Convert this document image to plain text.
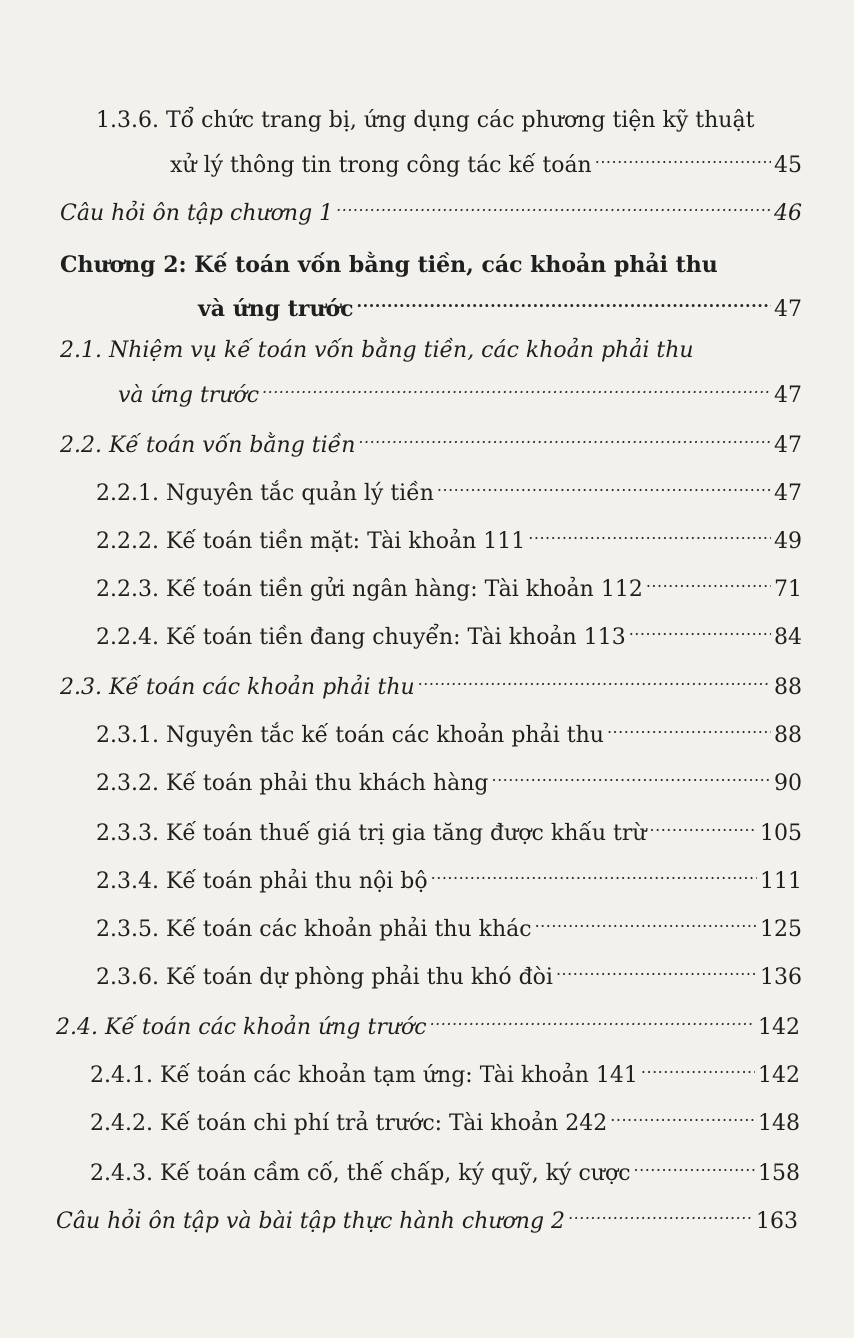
1.3.6. Tổ chức trang bị, ứng dụng các phương tiện kỹ thuật
xử lý thông tin trong công tác kế toán .....	45
Câu hỏi ôn tập chương 1 .....	46
Chương 2: Kế toán vốn bằng tiền, các khoản phải thu
và ứng trước .....	47
2.1. Nhiệm vụ kế toán vốn bằng tiền, các khoản phải thu
và ứng trước .....	47
2.2. Kế toán vốn bằng tiền .....	47
2.2.1. Nguyên tắc quản lý tiền .....	47
2.2.2. Kế toán tiền mặt: Tài khoản 111 .....	49
2.2.3. Kế toán tiền gửi ngân hàng: Tài khoản 112 .....	71
2.2.4. Kế toán tiền đang chuyển: Tài khoản 113 .....	84
2.3. Kế toán các khoản phải thu .....	88
2.3.1. Nguyên tắc kế toán các khoản phải thu .....	88
2.3.2. Kế toán phải thu khách hàng .....	90
2.3.3. Kế toán thuế giá trị gia tăng được khấu trừ .....	105
2.3.4. Kế toán phải thu nội bộ .....	111
2.3.5. Kế toán các khoản phải thu khác .....	125
2.3.6. Kế toán dự phòng phải thu khó đòi .....	136
2.4. Kế toán các khoản ứng trước .....	142
2.4.1. Kế toán các khoản tạm ứng: Tài khoản 141 .....	142
2.4.2. Kế toán chi phí trả trước: Tài khoản 242 .....	148
2.4.3. Kế toán cầm cố, thế chấp, ký quỹ, ký cược .....	158
Câu hỏi ôn tập và bài tập thực hành chương 2 .....	163
